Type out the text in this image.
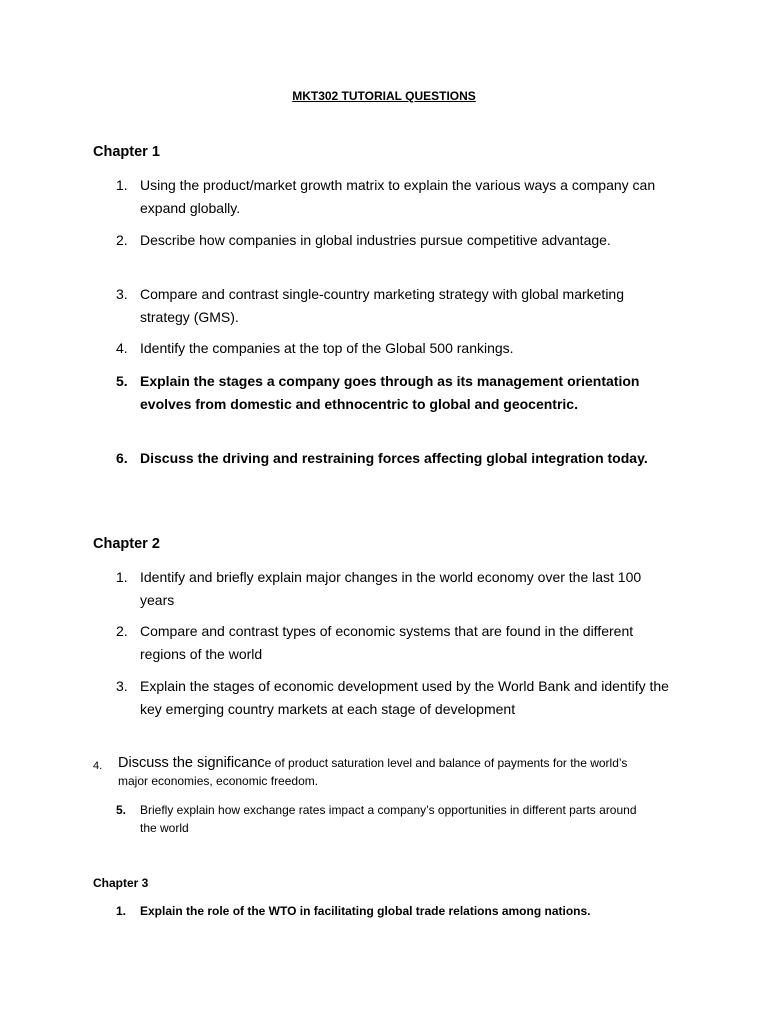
MKT302 TUTORIAL QUESTIONS
Chapter 1
1. Using the product/market growth matrix to explain the various ways a company can expand globally.
2. Describe how companies in global industries pursue competitive advantage.
3. Compare and contrast single-country marketing strategy with global marketing strategy (GMS).
4. Identify the companies at the top of the Global 500 rankings.
5. Explain the stages a company goes through as its management orientation evolves from domestic and ethnocentric to global and geocentric.
6. Discuss the driving and restraining forces affecting global integration today.
Chapter 2
1. Identify and briefly explain major changes in the world economy over the last 100 years
2. Compare and contrast types of economic systems that are found in the different regions of the world
3. Explain the stages of economic development used by the World Bank and identify the key emerging country markets at each stage of development
4. Discuss the significance of product saturation level and balance of payments for the world’s major economies, economic freedom.
5. Briefly explain how exchange rates impact a company’s opportunities in different parts around the world
Chapter 3
1. Explain the role of the WTO in facilitating global trade relations among nations.
